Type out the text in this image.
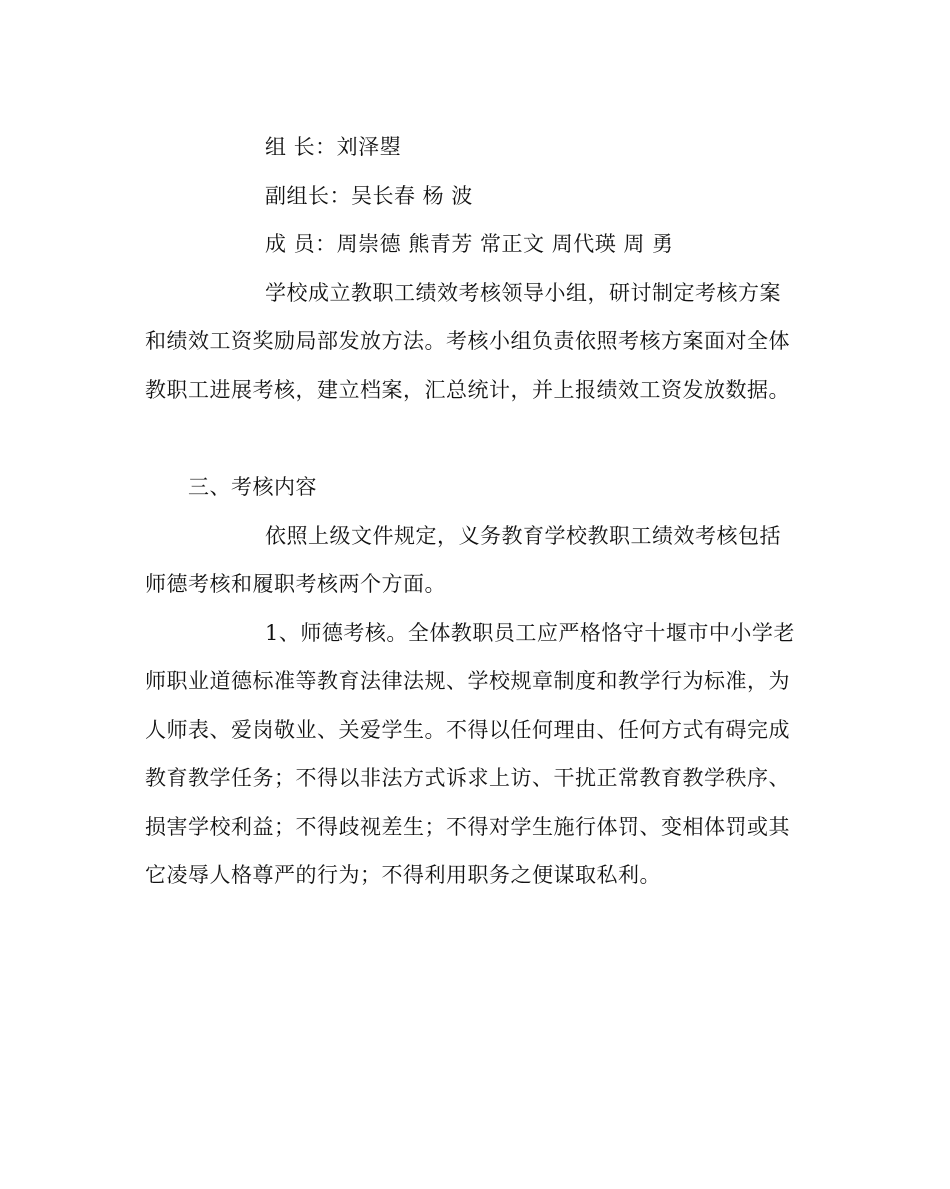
组 长：刘泽曌
副组长：吴长春 杨 波
成 员：周崇德 熊青芳 常正文 周代瑛 周 勇
学校成立教职工绩效考核领导小组，研讨制定考核方案
和绩效工资奖励局部发放方法。考核小组负责依照考核方案面对全体
教职工进展考核，建立档案，汇总统计，并上报绩效工资发放数据。
三、考核内容
依照上级文件规定，义务教育学校教职工绩效考核包括
师德考核和履职考核两个方面。
1、师德考核。全体教职员工应严格恪守十堰市中小学老
师职业道德标准等教育法律法规、学校规章制度和教学行为标准，为
人师表、爱岗敬业、关爱学生。不得以任何理由、任何方式有碍完成
教育教学任务；不得以非法方式诉求上访、干扰正常教育教学秩序、
损害学校利益；不得歧视差生；不得对学生施行体罚、变相体罚或其
它凌辱人格尊严的行为；不得利用职务之便谋取私利。
